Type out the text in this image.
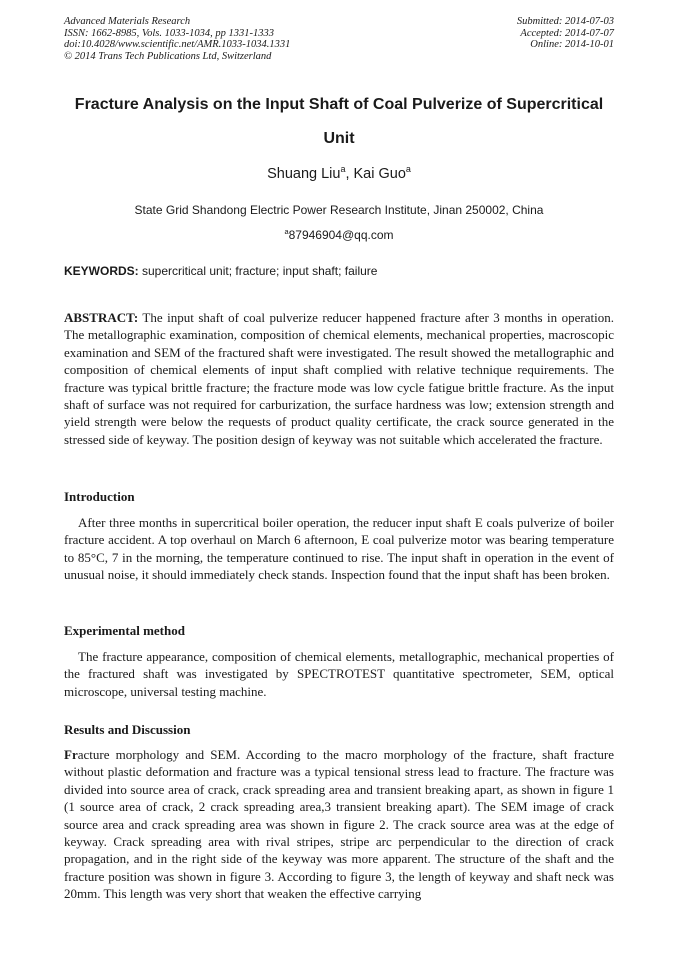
Advanced Materials Research
ISSN: 1662-8985, Vols. 1033-1034, pp 1331-1333
doi:10.4028/www.scientific.net/AMR.1033-1034.1331
© 2014 Trans Tech Publications Ltd, Switzerland
Submitted: 2014-07-03
Accepted: 2014-07-07
Online: 2014-10-01
Fracture Analysis on the Input Shaft of Coal Pulverize of Supercritical
Unit
Shuang Liu$^a$, Kai Guo$^a$
State Grid Shandong Electric Power Research Institute, Jinan 250002, China
$^a$87946904@qq.com
KEYWORDS: supercritical unit; fracture; input shaft; failure
ABSTRACT: The input shaft of coal pulverize reducer happened fracture after 3 months in operation. The metallographic examination, composition of chemical elements, mechanical properties, macroscopic examination and SEM of the fractured shaft were investigated. The result showed the metallographic and composition of chemical elements of input shaft complied with relative technique requirements. The fracture was typical brittle fracture; the fracture mode was low cycle fatigue brittle fracture. As the input shaft of surface was not required for carburization, the surface hardness was low; extension strength and yield strength were below the requests of product quality certificate, the crack source generated in the stressed side of keyway. The position design of keyway was not suitable which accelerated the fracture.
Introduction
After three months in supercritical boiler operation, the reducer input shaft E coals pulverize of boiler fracture accident. A top overhaul on March 6 afternoon, E coal pulverize motor was bearing temperature to 85°C, 7 in the morning, the temperature continued to rise. The input shaft in operation in the event of unusual noise, it should immediately check stands. Inspection found that the input shaft has been broken.
Experimental method
The fracture appearance, composition of chemical elements, metallographic, mechanical properties of the fractured shaft was investigated by SPECTROTEST quantitative spectrometer, SEM, optical microscope, universal testing machine.
Results and Discussion
Fracture morphology and SEM. According to the macro morphology of the fracture, shaft fracture without plastic deformation and fracture was a typical tensional stress lead to fracture. The fracture was divided into source area of crack, crack spreading area and transient breaking apart, as shown in figure 1 (1 source area of crack, 2 crack spreading area,3 transient breaking apart). The SEM image of crack source area and crack spreading area was shown in figure 2. The crack source area was at the edge of keyway. Crack spreading area with rival stripes, stripe arc perpendicular to the direction of crack propagation, and in the right side of the keyway was more apparent. The structure of the shaft and the fracture position was shown in figure 3. According to figure 3, the length of keyway and shaft neck was 20mm. This length was very short that weaken the effective carrying
